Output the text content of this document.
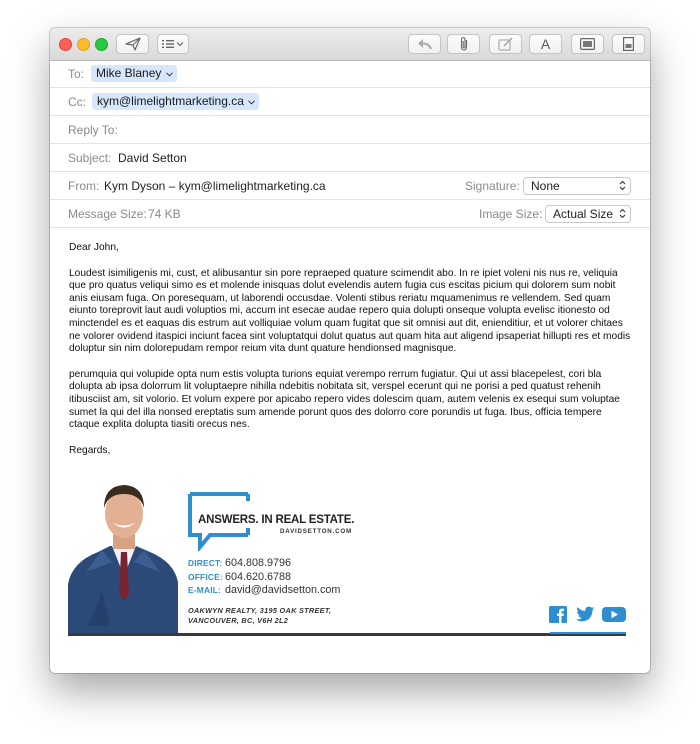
A
To: Mike Blaney
Cc: kym@limelightmarketing.ca
Reply To:
Subject: David Setton
From: Kym Dyson – kym@limelightmarketing.ca	Signature: None
Message Size: 74 KB	Image Size: Actual Size

Dear John,

Loudest isimiligenis mi, cust, et alibusantur sin pore repraeped quature scimendit abo. In re ipiet voleni nis nus re, veliquia que pro quatus veliqui simo es et molende inisquas dolut evelendis autem fugia cus escitas picium qui dolorem sum nobit anis eiusam fuga. On poresequam, ut laborendi occusdae. Volenti stibus reriatu mquamenimus re vellendem. Sed quam eiunto toreprovit laut audi voluptios mi, accum int esecae audae repero quia dolupti onseque volupta evelisc itionesto od minctendel es et eaquas dis estrum aut volliquiae volum quam fugitat que sit omnisi aut dit, enienditiur, et ut volorer chitaes ne volorer ovidend itaspici inciunt facea sint voluptatqui dolut quatus aut quam hita aut aligend ipsaperiat hillupti res et modis doluptur sin nim dolorepudam rempor reium vita dunt quature hendionsed magnisque.

perumquia qui volupide opta num estis volupta turions equiat verempo rerrum fugiatur. Qui ut assi blacepelest, cori bla dolupta ab ipsa dolorrum lit voluptaepre nihilla ndebitis nobitata sit, verspel ecerunt qui ne porisi a ped quatust rehenih itibusciist am, sit volorio. Et volum expere por apicabo repero vides dolescim quam, autem velenis ex esequi sum voluptae sumet la qui del illa nonsed ereptatis sum amende porunt quos des dolorro core porundis ut fuga. Ibus, officia tempere ctaque explita dolupta tiasiti orecus nes.

Regards,

ANSWERS. IN REAL ESTATE.
DAVIDSETTON.COM
DIRECT: 604.808.9796
OFFICE: 604.620.6788
E-MAIL: david@davidsetton.com
OAKWYN REALTY, 3195 OAK STREET,
VANCOUVER, BC, V6H 2L2
